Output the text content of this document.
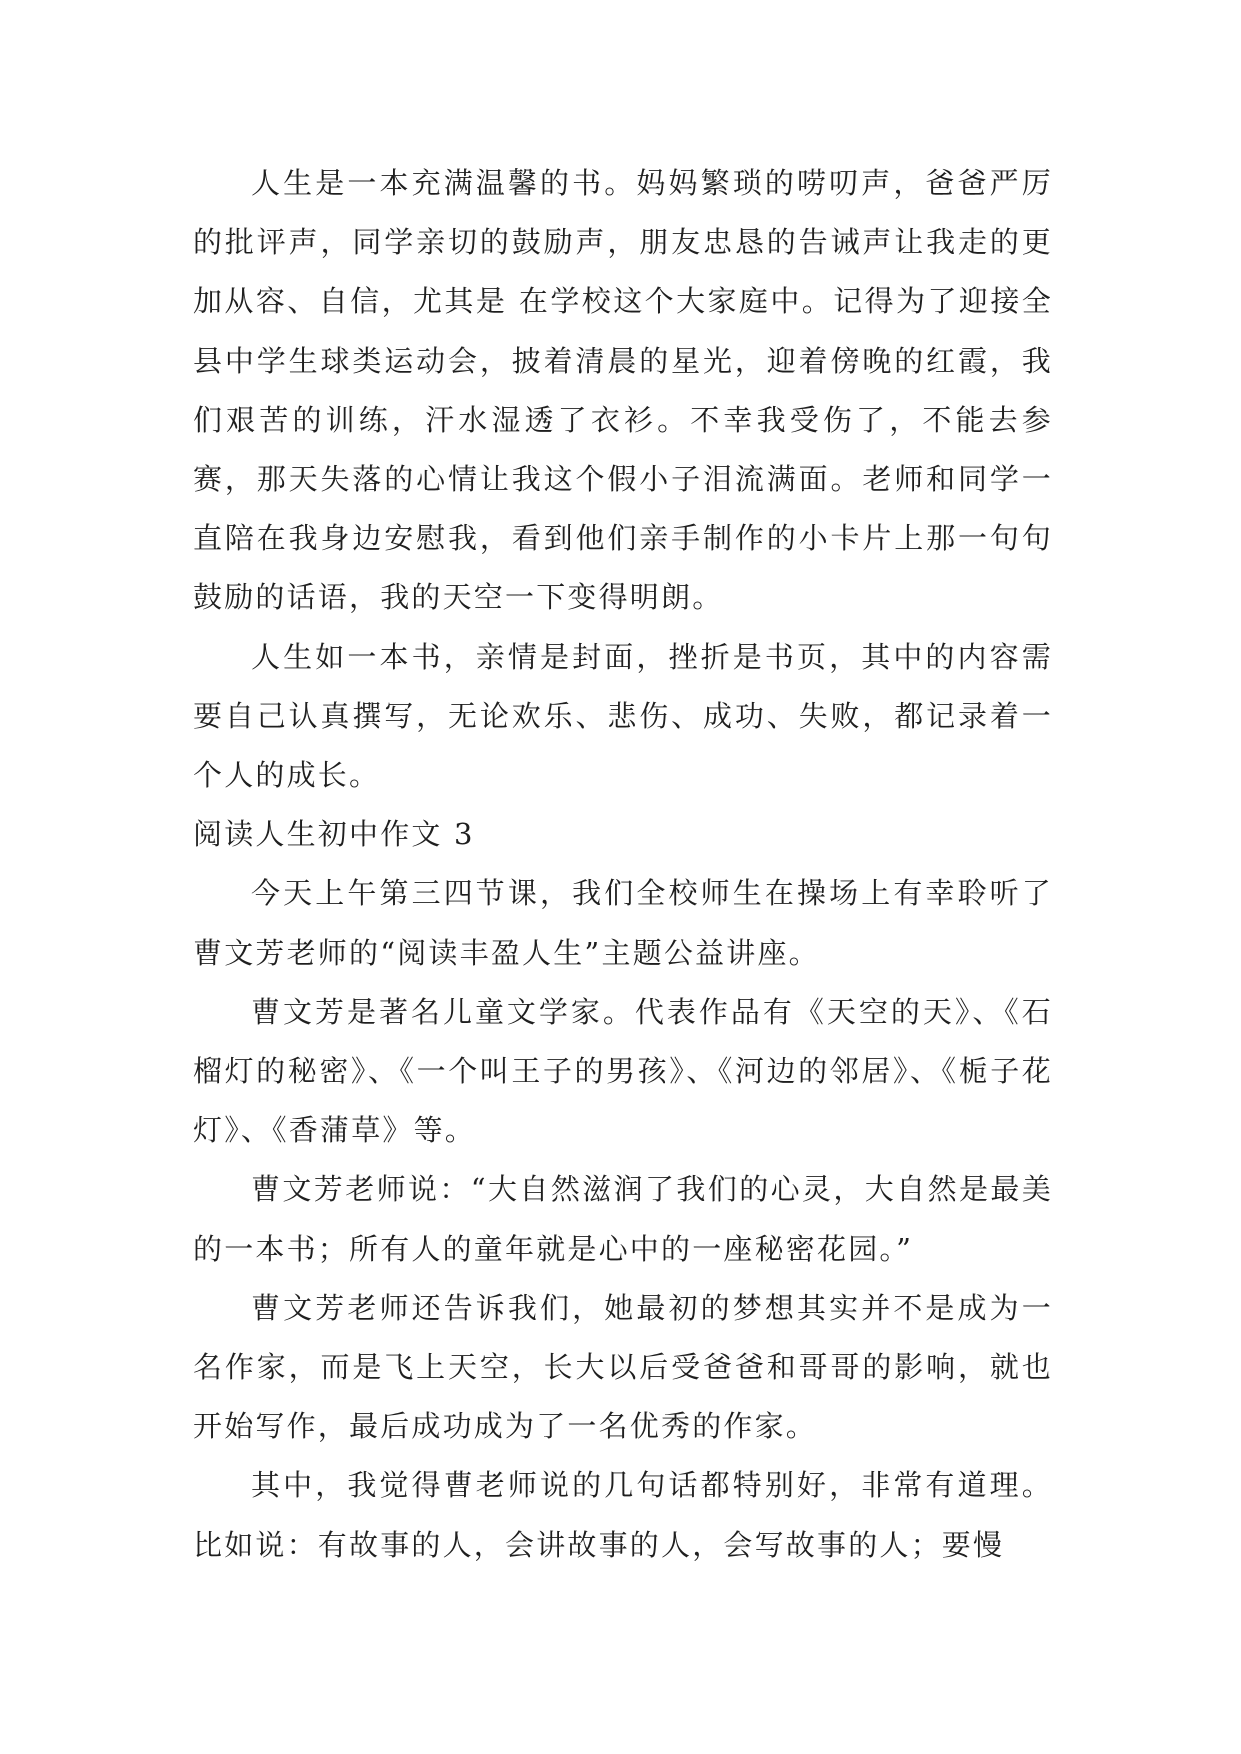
人生是一本充满温馨的书。妈妈繁琐的唠叨声，爸爸严厉的批评声，同学亲切的鼓励声，朋友忠恳的告诫声让我走的更加从容、自信，尤其是 在学校这个大家庭中。记得为了迎接全县中学生球类运动会，披着清晨的星光，迎着傍晚的红霞，我们艰苦的训练，汗水湿透了衣衫。不幸我受伤了，不能去参赛，那天失落的心情让我这个假小子泪流满面。老师和同学一直陪在我身边安慰我，看到他们亲手制作的小卡片上那一句句鼓励的话语，我的天空一下变得明朗。

人生如一本书，亲情是封面，挫折是书页，其中的内容需要自己认真撰写，无论欢乐、悲伤、成功、失败，都记录着一个人的成长。

阅读人生初中作文 3

今天上午第三四节课，我们全校师生在操场上有幸聆听了曹文芳老师的“阅读丰盈人生”主题公益讲座。

曹文芳是著名儿童文学家。代表作品有《天空的天》、《石榴灯的秘密》、《一个叫王子的男孩》、《河边的邻居》、《栀子花灯》、《香蒲草》等。

曹文芳老师说：“大自然滋润了我们的心灵，大自然是最美的一本书；所有人的童年就是心中的一座秘密花园。”

曹文芳老师还告诉我们，她最初的梦想其实并不是成为一名作家，而是飞上天空，长大以后受爸爸和哥哥的影响，就也开始写作，最后成功成为了一名优秀的作家。

其中，我觉得曹老师说的几句话都特别好，非常有道理。比如说：有故事的人，会讲故事的人，会写故事的人；要慢
